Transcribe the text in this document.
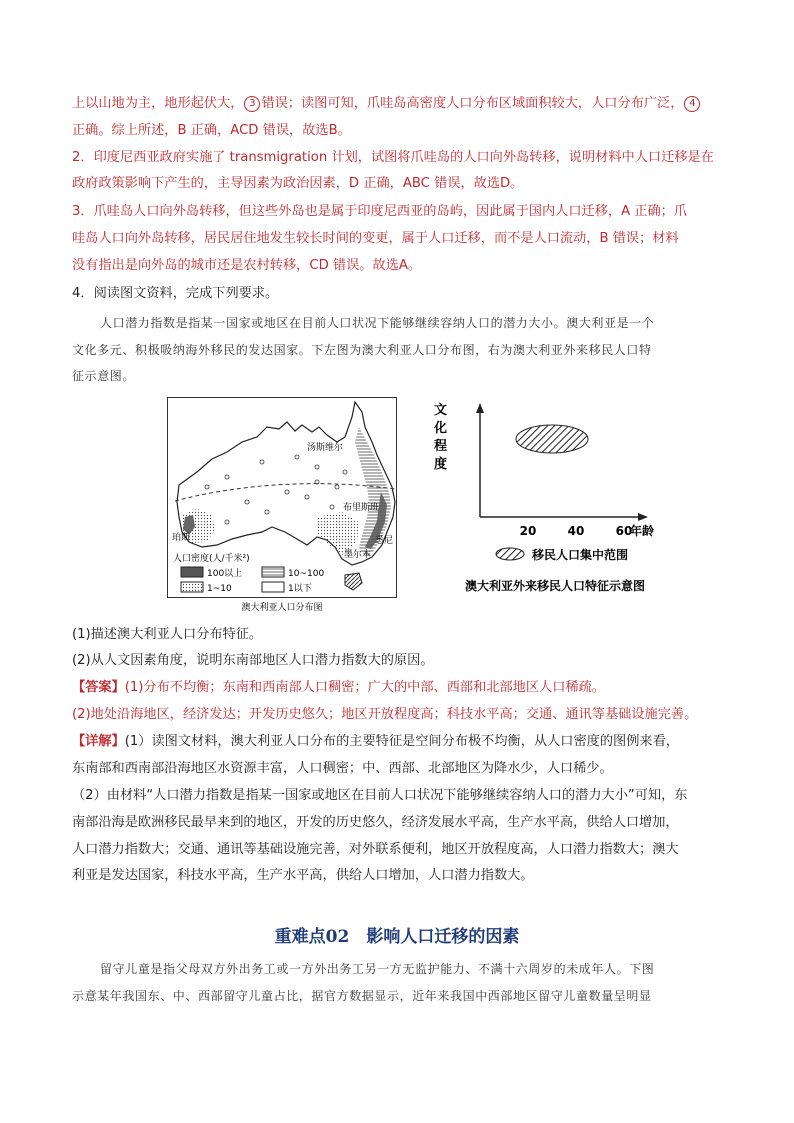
上以山地为主，地形起伏大， 3 错误；读图可知，爪哇岛高密度人口分布区域面积较大，人口分布广泛， 4
正确。综上所述，B 正确，ACD 错误，故选B。
2．印度尼西亚政府实施了 transmigration 计划，试图将爪哇岛的人口向外岛转移，说明材料中人口迁移是在
政府政策影响下产生的，主导因素为政治因素，D 正确，ABC 错误，故选D。
3．爪哇岛人口向外岛转移，但这些外岛也是属于印度尼西亚的岛屿，因此属于国内人口迁移，A 正确；爪
哇岛人口向外岛转移，居民居住地发生较长时间的变更，属于人口迁移，而不是人口流动，B 错误；材料
没有指出是向外岛的城市还是农村转移，CD 错误。故选A。
4．阅读图文资料，完成下列要求。
人口潜力指数是指某一国家或地区在目前人口状况下能够继续容纳人口的潜力大小。澳大利亚是一个
文化多元、积极吸纳海外移民的发达国家。下左图为澳大利亚人口分布图，右为澳大利亚外来移民人口特
征示意图。
汤斯维尔
布里斯班
珀斯	悉尼
墨尔本
人口密度(人/千米²)
100以上	10~100
1~10	1以下
澳大利亚人口分布图
文
化
程
度
20	40	60
年龄
移民人口集中范围
澳大利亚外来移民人口特征示意图
(1)描述澳大利亚人口分布特征。
(2)从人文因素角度，说明东南部地区人口潜力指数大的原因。
【答案】(1)分布不均衡；东南和西南部人口稠密；广大的中部、西部和北部地区人口稀疏。
(2)地处沿海地区，经济发达；开发历史悠久；地区开放程度高；科技水平高；交通、通讯等基础设施完善。
【详解】(1）读图文材料，澳大利亚人口分布的主要特征是空间分布极不均衡，从人口密度的图例来看，
东南部和西南部沿海地区水资源丰富，人口稠密；中、西部、北部地区为降水少，人口稀少。
（2）由材料“人口潜力指数是指某一国家或地区在目前人口状况下能够继续容纳人口的潜力大小”可知，东
南部沿海是欧洲移民最早来到的地区，开发的历史悠久，经济发展水平高，生产水平高，供给人口增加，
人口潜力指数大；交通、通讯等基础设施完善，对外联系便利，地区开放程度高，人口潜力指数大；澳大
利亚是发达国家，科技水平高，生产水平高，供给人口增加，人口潜力指数大。
重难点02　影响人口迁移的因素
留守儿童是指父母双方外出务工或一方外出务工另一方无监护能力、不满十六周岁的未成年人。下图
示意某年我国东、中、西部留守儿童占比，据官方数据显示，近年来我国中西部地区留守儿童数量呈明显
